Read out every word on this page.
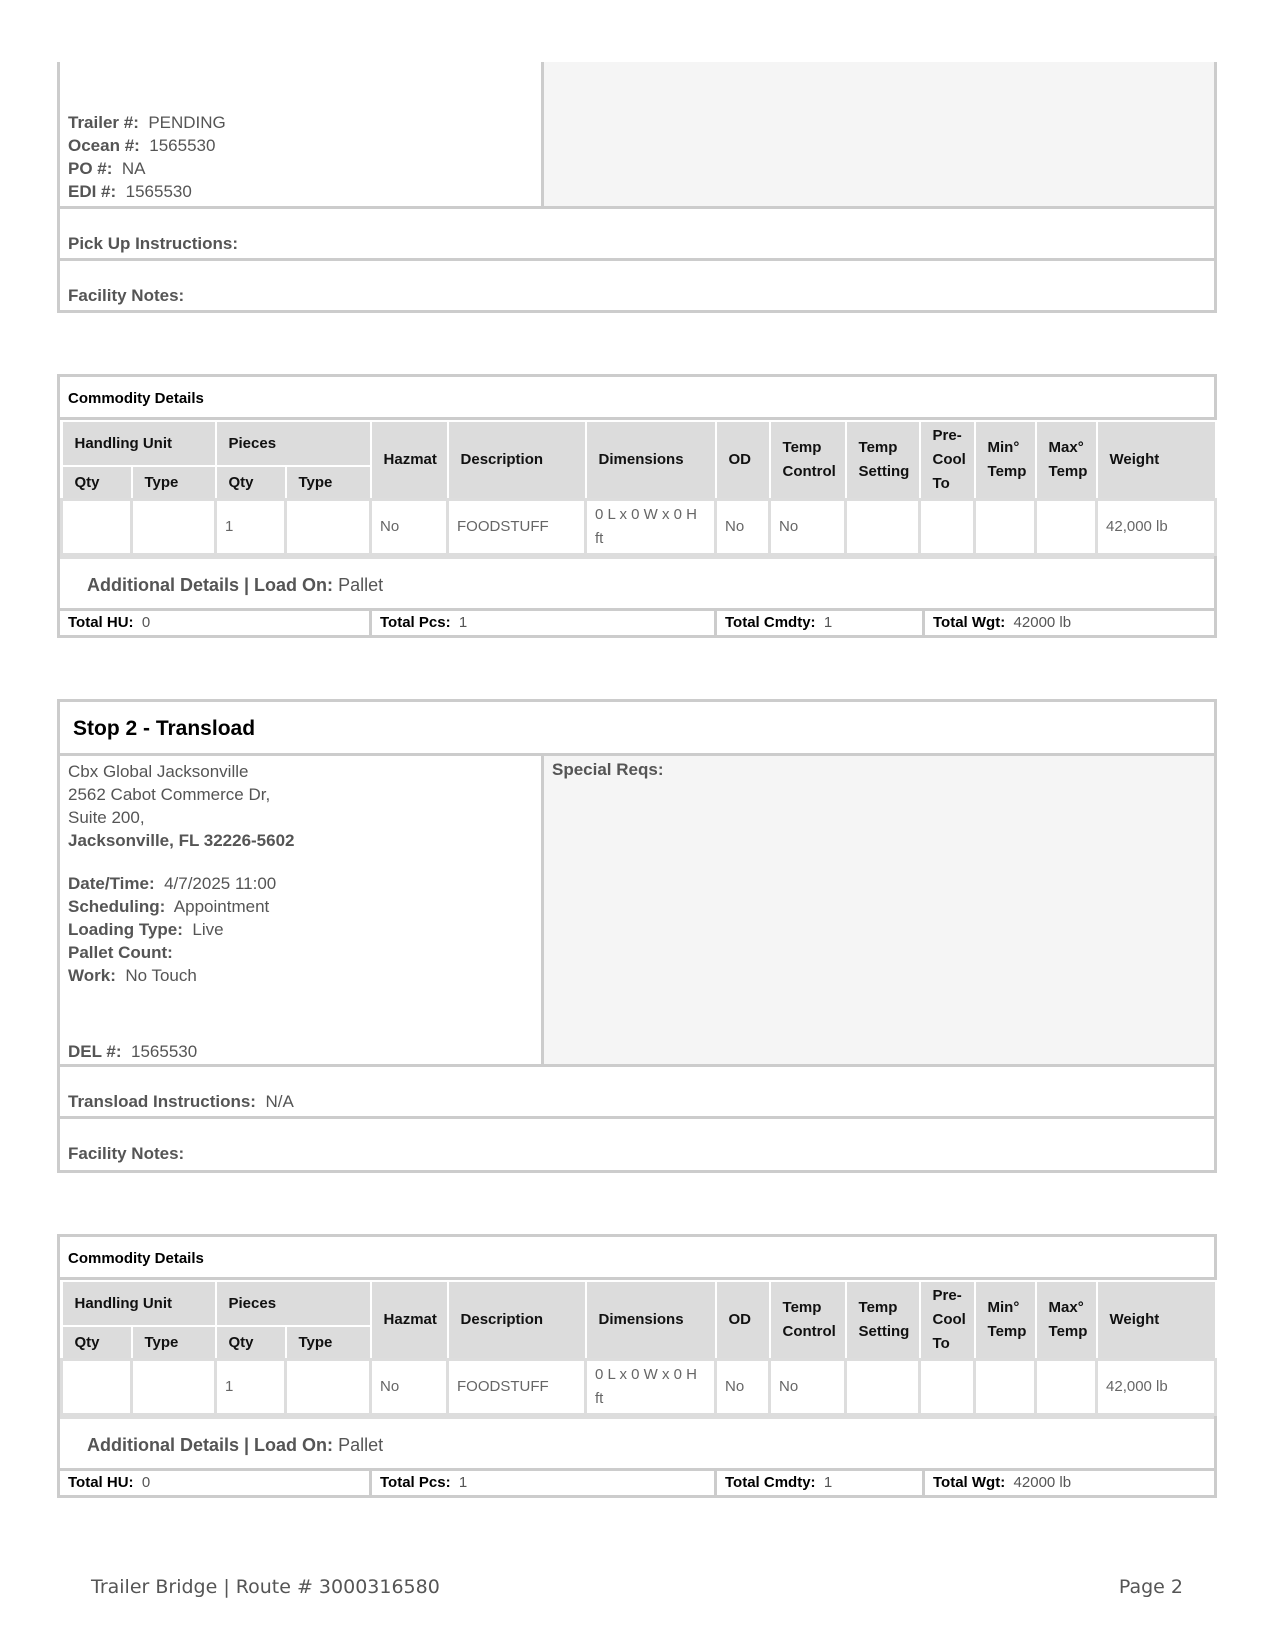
Trailer #: PENDING
Ocean #: 1565530
PO #: NA
EDI #: 1565530
Pick Up Instructions:
Facility Notes:
Commodity Details
Handling Unit		Pieces		Hazmat	Description	Dimensions	OD	Temp Control	Temp Setting	Pre-Cool To	Min° Temp	Max° Temp	Weight
Qty	Type	Qty	Type										
		1		No	FOODSTUFF	0 L x 0 W x 0 H ft	No	No					42,000 lb
Additional Details | Load On: Pallet
Total HU: 0	Total Pcs: 1	Total Cmdty: 1	Total Wgt: 42000 lb
Stop 2 - Transload
Cbx Global Jacksonville
2562 Cabot Commerce Dr,
Suite 200,
Jacksonville, FL 32226-5602
Date/Time: 4/7/2025 11:00
Scheduling: Appointment
Loading Type: Live
Pallet Count:
Work: No Touch
DEL #: 1565530
Special Reqs:
Transload Instructions: N/A
Facility Notes:
Commodity Details
Handling Unit		Pieces		Hazmat	Description	Dimensions	OD	Temp Control	Temp Setting	Pre-Cool To	Min° Temp	Max° Temp	Weight
Qty	Type	Qty	Type										
		1		No	FOODSTUFF	0 L x 0 W x 0 H ft	No	No					42,000 lb
Additional Details | Load On: Pallet
Total HU: 0	Total Pcs: 1	Total Cmdty: 1	Total Wgt: 42000 lb
Trailer Bridge | Route # 3000316580	Page 2
